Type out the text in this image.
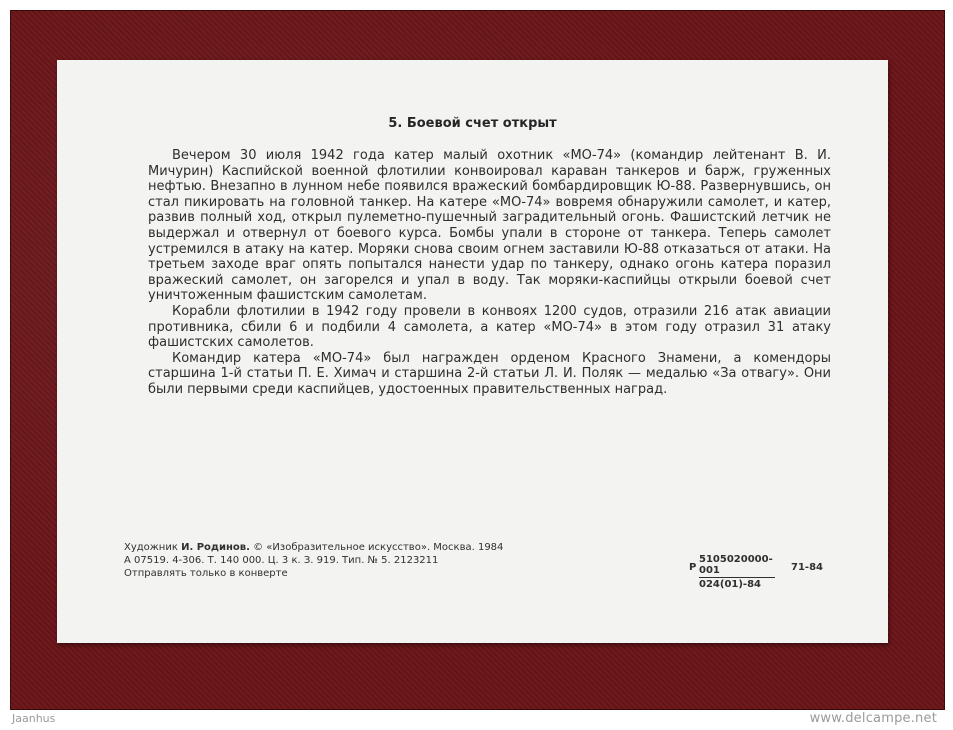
5. Боевой счет открыт

Вечером 30 июля 1942 года катер малый охотник «МО-74» (командир лейтенант В. И. Мичурин) Каспийской военной флотилии конвоировал караван танкеров и барж, груженных нефтью. Внезапно в лунном небе появился вражеский бомбардировщик Ю-88. Развернувшись, он стал пикировать на головной танкер. На катере «МО-74» вовремя обнаружили самолет, и катер, развив полный ход, открыл пулеметно-пушечный заградительный огонь. Фашистский летчик не выдержал и отвернул от боевого курса. Бомбы упали в стороне от танкера. Теперь самолет устремился в атаку на катер. Моряки снова своим огнем заставили Ю-88 отказаться от атаки. На третьем заходе враг опять попытался нанести удар по танкеру, однако огонь катера поразил вражеский самолет, он загорелся и упал в воду. Так моряки-каспийцы открыли боевой счет уничтоженным фашистским самолетам.

Корабли флотилии в 1942 году провели в конвоях 1200 судов, отразили 216 атак авиации противника, сбили 6 и подбили 4 самолета, а катер «МО-74» в этом году отразил 31 атаку фашистских самолетов.

Командир катера «МО-74» был награжден орденом Красного Знамени, а комендоры старшина 1-й статьи П. Е. Химач и старшина 2-й статьи Л. И. Поляк — медалью «За отвагу». Они были первыми среди каспийцев, удостоенных правительственных наград.

Художник И. Родинов. © «Изобразительное искусство». Москва. 1984
А 07519. 4-306. Т. 140 000. Ц. 3 к. З. 919. Тип. № 5. 2123211
Отправлять только в конверте
Р $\frac{5105020000-001}{024(01)-84} 71-84$
Jaanhus	www.delcampe.net
